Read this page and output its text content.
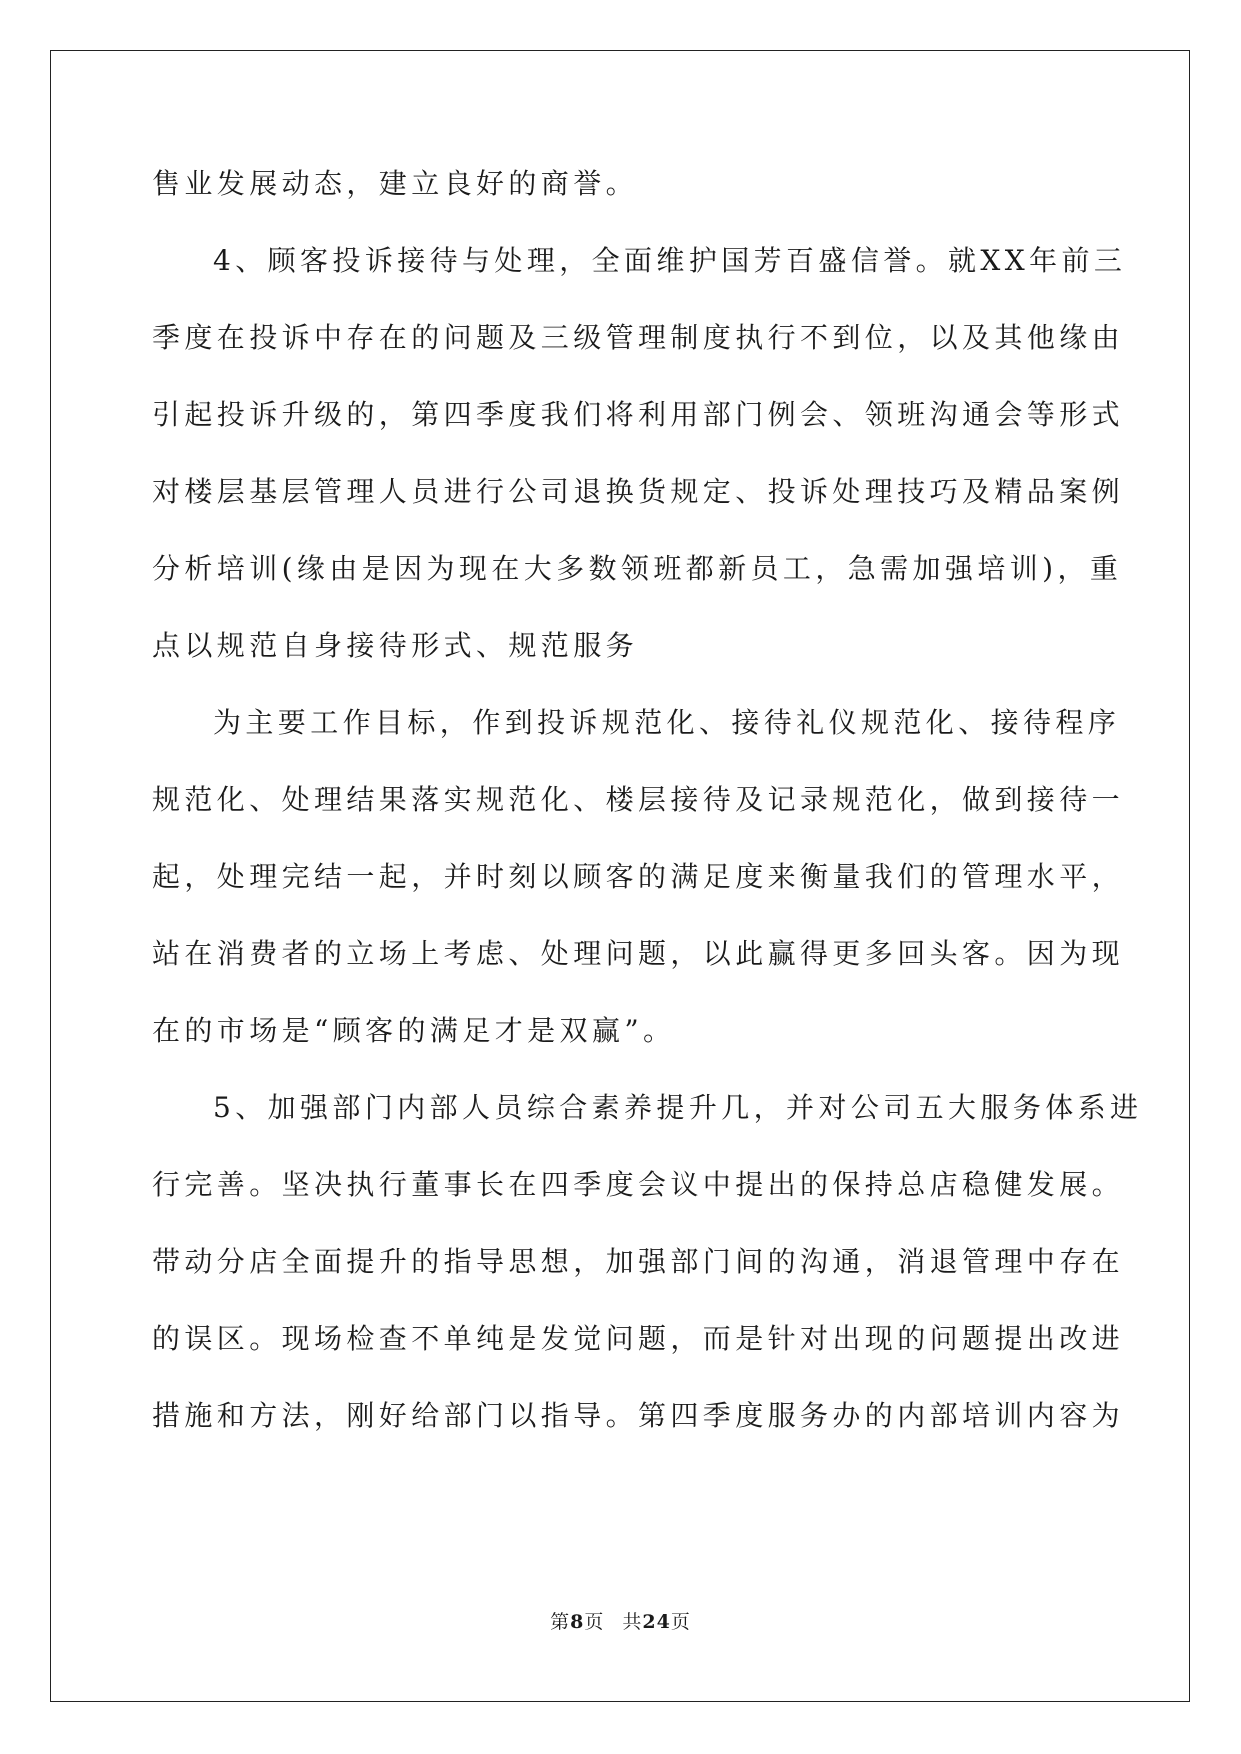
售业发展动态，建立良好的商誉。
4、顾客投诉接待与处理，全面维护国芳百盛信誉。就XX年前三
季度在投诉中存在的问题及三级管理制度执行不到位，以及其他缘由
引起投诉升级的，第四季度我们将利用部门例会、领班沟通会等形式
对楼层基层管理人员进行公司退换货规定、投诉处理技巧及精品案例
分析培训(缘由是因为现在大多数领班都新员工，急需加强培训)，重
点以规范自身接待形式、规范服务
为主要工作目标，作到投诉规范化、接待礼仪规范化、接待程序
规范化、处理结果落实规范化、楼层接待及记录规范化，做到接待一
起，处理完结一起，并时刻以顾客的满足度来衡量我们的管理水平，
站在消费者的立场上考虑、处理问题，以此赢得更多回头客。因为现
在的市场是“顾客的满足才是双赢”。
5、加强部门内部人员综合素养提升几，并对公司五大服务体系进
行完善。坚决执行董事长在四季度会议中提出的保持总店稳健发展。
带动分店全面提升的指导思想，加强部门间的沟通，消退管理中存在
的误区。现场检查不单纯是发觉问题，而是针对出现的问题提出改进
措施和方法，刚好给部门以指导。第四季度服务办的内部培训内容为
第8页 共24页
